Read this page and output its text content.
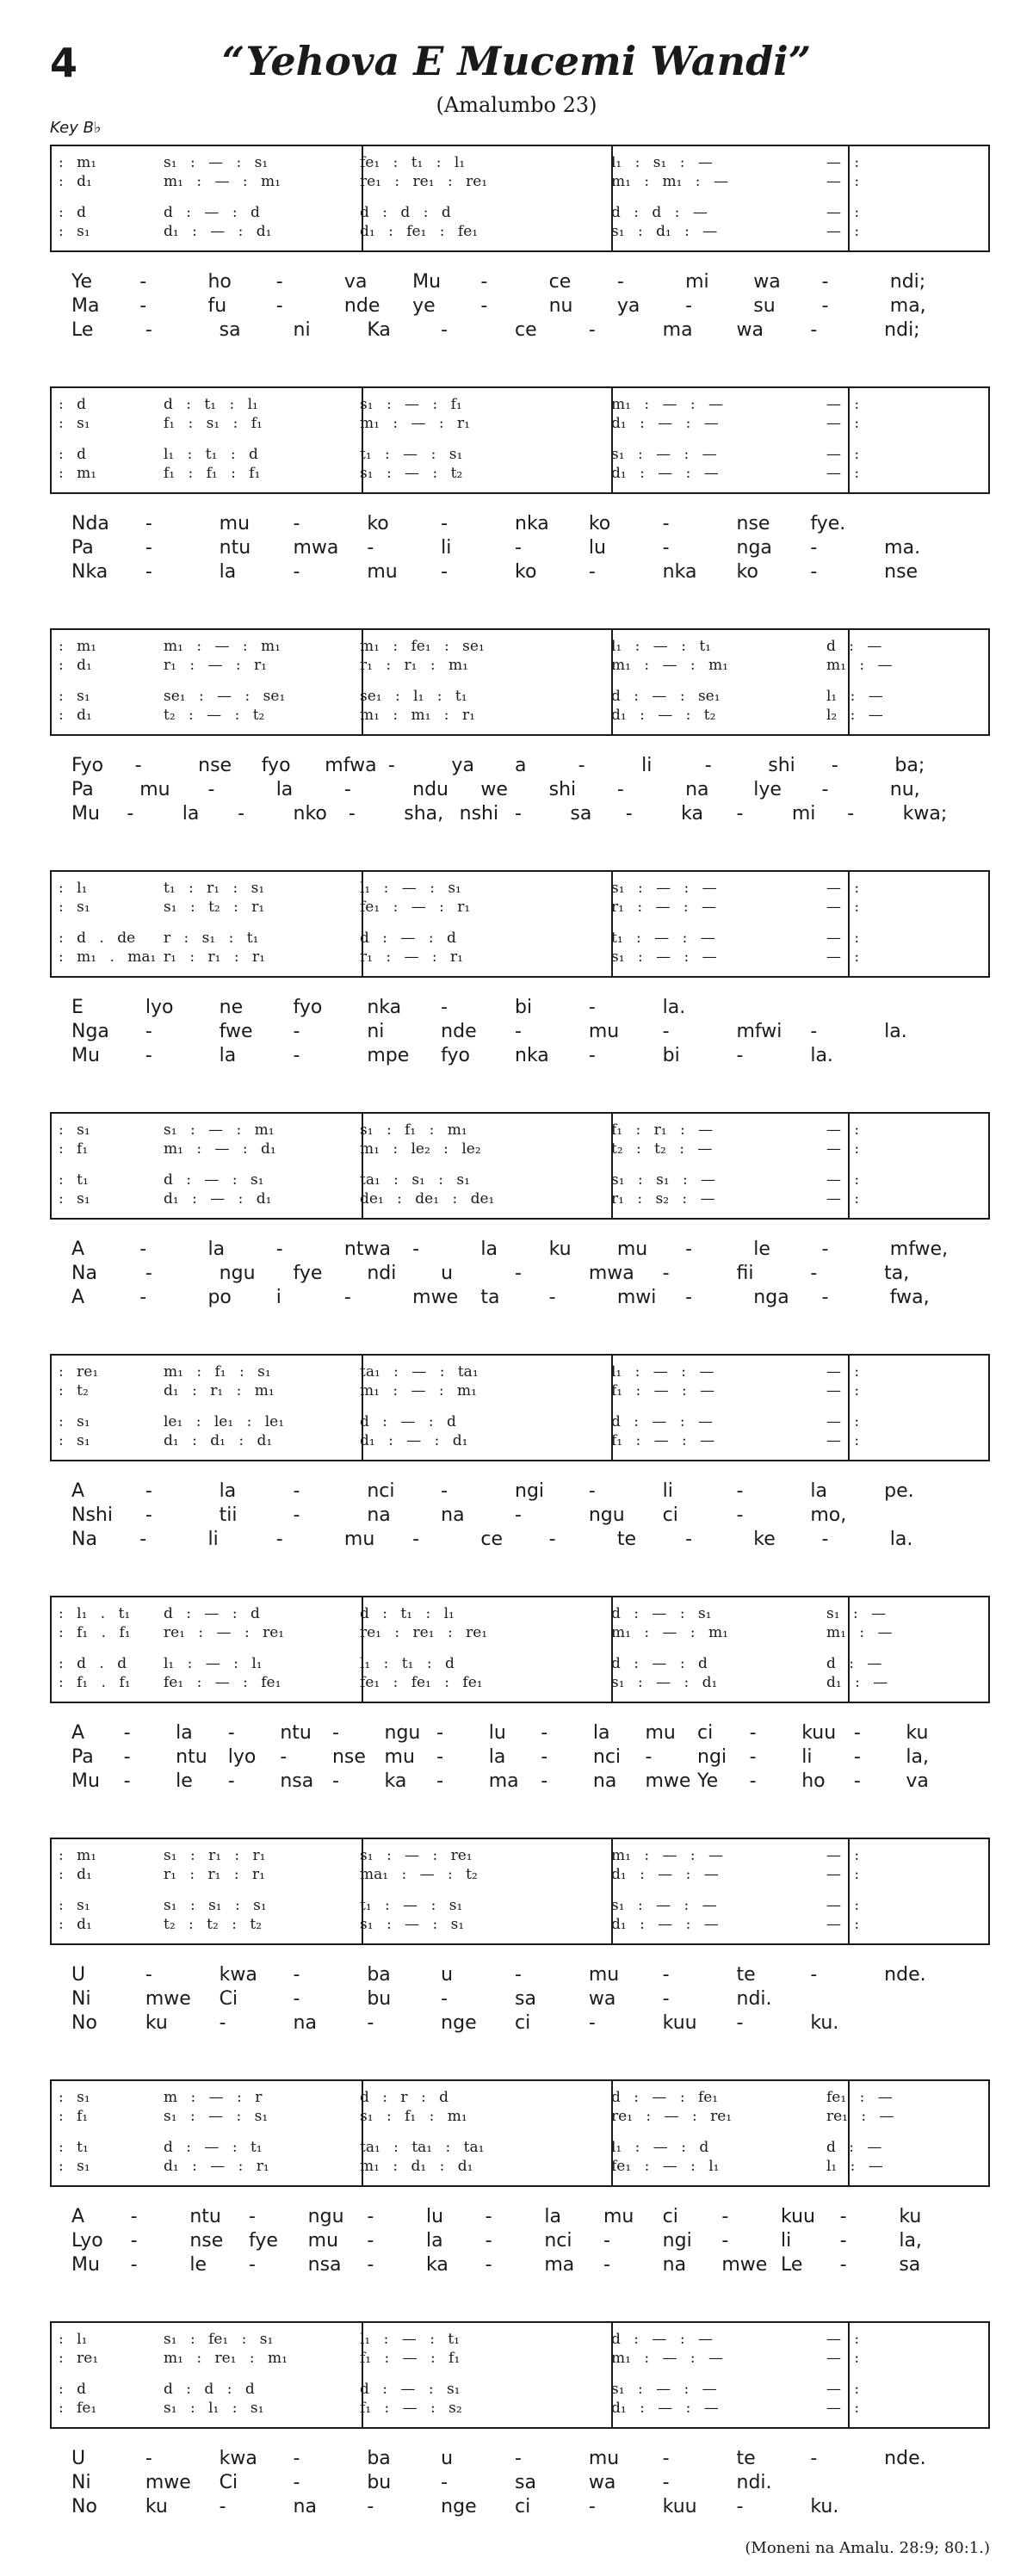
4	“Yehova E Mucemi Wandi”
(Amalumbo 23)
Key B♭
: m₁	s₁ : — : s₁	fe₁ : t₁ : l₁	l₁ : s₁ : —	— :
: d₁	m₁ : — : m₁	re₁ : re₁ : re₁	m₁ : m₁ : —	— :
: d	d : — : d	d : d : d	d : d : —	— :
: s₁	d₁ : — : d₁	d₁ : fe₁ : fe₁	s₁ : d₁ : —	— :
Ye	-	ho -	va Mu -	ce -	mi wa -	ndi;
Ma -	fu	-	nde ye -	nu ya -	su -	ma,
Le	-	sa	ni	Ka	-	ce	-	ma wa -	ndi;
: d	d : t₁ : l₁	s₁ : — : f₁	m₁ : — : —	— :
: s₁	f₁ : s₁ : f₁	m₁ : — : r₁	d₁ : — : —	— :
: d	l₁ : t₁ : d	t₁ : — : s₁	s₁ : — : —	— :
: m₁	f₁ : f₁ : f₁	s₁ : — : t₂	d₁ : — : —	— :
Nda -	mu -	ko	-	nka ko	-	nse fye.
Pa	-	ntu mwa -	li	-	lu	-	nga -	ma.
Nka -	la	-	mu -	ko	-	nka ko	-	nse
: m₁	m₁ : — : m₁	m₁ : fe₁ : se₁	l₁ : — : t₁	d : —
: d₁	r₁ : — : r₁	r₁ : r₁ : m₁	m₁ : — : m₁	m₁ : —
: s₁	se₁ : — : se₁	se₁ : l₁ : t₁	d : — : se₁	l₁ : —
: d₁	t₂ : — : t₂	m₁ : m₁ : r₁	d₁ : — : t₂	l₂ : —
Fyo -	nse fyo mfwa -	ya a	-	li	-	shi -	ba;
Pa mu -	la	-	ndu we shi -	na lye -	nu,
Mu -	la -	nko -	sha, nshi -	sa -	ka -	mi -	kwa;
: l₁	t₁ : r₁ : s₁	l₁ : — : s₁	s₁ : — : —	— :
: s₁	s₁ : t₂ : r₁	fe₁ : — : r₁	r₁ : — : —	— :
: d . de	r : s₁ : t₁	d : — : d	t₁ : — : —	— :
: m₁ . ma₁ r₁ : r₁ : r₁	r₁ : — : r₁	s₁ : — : —	— :
E	lyo ne	fyo nka -	bi	-	la.
Nga -	fwe -	ni	nde -	mu -	mfwi -	la.
Mu -	la	-	mpe fyo nka -	bi	-	la.
: s₁	s₁ : — : m₁	s₁ : f₁ : m₁	f₁ : r₁ : —	— :
: f₁	m₁ : — : d₁	m₁ : le₂ : le₂	t₂ : t₂ : —	— :
: t₁	d : — : s₁	ta₁ : s₁ : s₁	s₁ : s₁ : —	— :
: s₁	d₁ : — : d₁	de₁ : de₁ : de₁	r₁ : s₂ : —	— :
A	-	la	-	ntwa -	la	ku mu -	le	-	mfwe,
Na	-	ngu fye ndi u	-	mwa -	fii	-	ta,
A	-	po i	-	mwe ta	-	mwi -	nga -	fwa,
: re₁	m₁ : f₁ : s₁	ta₁ : — : ta₁	l₁ : — : —	— :
: t₂	d₁ : r₁ : m₁	m₁ : — : m₁	f₁ : — : —	— :
: s₁	le₁ : le₁ : le₁	d : — : d	d : — : —	— :
: s₁	d₁ : d₁ : d₁	d₁ : — : d₁	f₁ : — : —	— :
A	-	la	-	nci -	ngi -	li	-	la	pe.
Nshi -	tii	-	na	na	-	ngu ci	-	mo,
Na -	li	-	mu -	ce -	te	-	ke -	la.
: l₁ . t₁	d : — : d	d : t₁ : l₁	d : — : s₁	s₁ : —
: f₁ . f₁	re₁ : — : re₁	re₁ : re₁ : re₁	m₁ : — : m₁	m₁ : —
: d . d	l₁ : — : l₁	l₁ : t₁ : d	d : — : d	d : —
: f₁ . f₁	fe₁ : — : fe₁	fe₁ : fe₁ : fe₁	s₁ : — : d₁	d₁ : —
A - la - ntu - ngu - lu - la mu ci - kuu - ku
Pa - ntu lyo - nse mu - la - nci - ngi - li - la,
Mu - le - nsa - ka - ma - na mwe Ye - ho - va
: m₁	s₁ : r₁ : r₁	s₁ : — : re₁	m₁ : — : —	— :
: d₁	r₁ : r₁ : r₁	ma₁ : — : t₂	d₁ : — : —	— :
: s₁	s₁ : s₁ : s₁	t₁ : — : s₁	s₁ : — : —	— :
: d₁	t₂ : t₂ : t₂	s₁ : — : s₁	d₁ : — : —	— :
U	-	kwa -	ba	u	-	mu -	te	-	nde.
Ni	mwe Ci	-	bu	-	sa	wa -	ndi.
No	ku	-	na	-	nge ci	-	kuu -	ku.
: s₁	m : — : r	d : r : d	d : — : fe₁	fe₁ : —
: f₁	s₁ : — : s₁	s₁ : f₁ : m₁	re₁ : — : re₁	re₁ : —
: t₁	d : — : t₁	ta₁ : ta₁ : ta₁	l₁ : — : d	d : —
: s₁	d₁ : — : r₁	m₁ : d₁ : d₁	fe₁ : — : l₁	l₁ : —
A -	ntu -	ngu -	lu -	la mu ci -	kuu -	ku
Lyo -	nse fye mu -	la -	nci -	ngi -	li	-	la,
Mu -	le -	nsa -	ka -	ma -	na mwe Le -	sa
: l₁	s₁ : fe₁ : s₁	l₁ : — : t₁	d : — : —	— :
: re₁	m₁ : re₁ : m₁	f₁ : — : f₁	m₁ : — : —	— :
: d	d : d : d	d : — : s₁	s₁ : — : —	— :
: fe₁	s₁ : l₁ : s₁	f₁ : — : s₂	d₁ : — : —	— :
U	-	kwa -	ba	u	-	mu -	te	-	nde.
Ni	mwe Ci	-	bu	-	sa	wa -	ndi.
No	ku	-	na	-	nge ci	-	kuu -	ku.
(Moneni na Amalu. 28:9; 80:1.)
